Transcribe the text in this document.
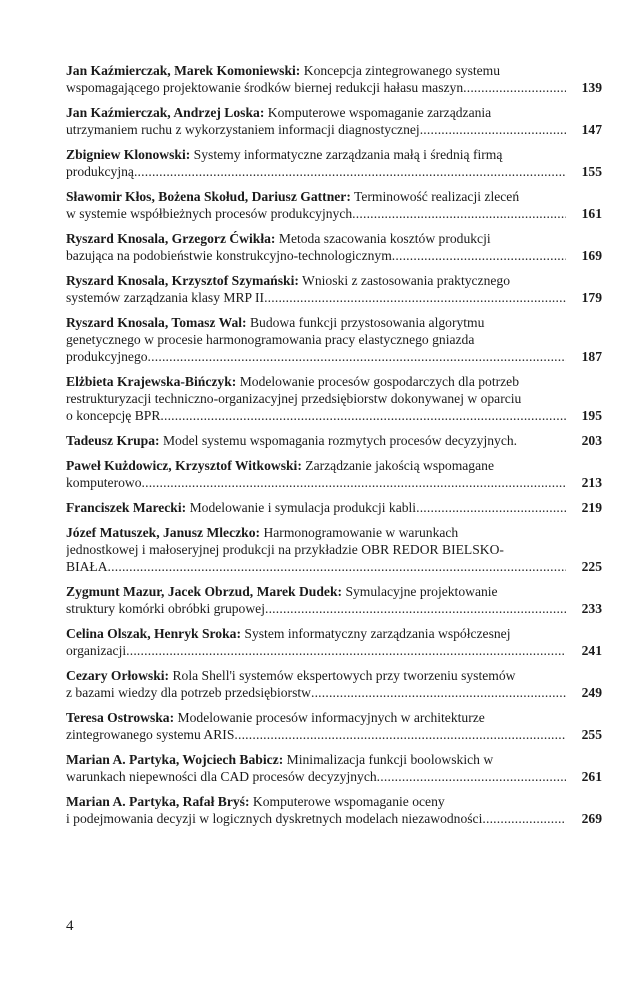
Jan Kaźmierczak, Marek Komoniewski: Koncepcja zintegrowanego systemu
wspomagającego projektowanie środków biernej redukcji hałasu maszyn .....	139
Jan Kaźmierczak, Andrzej Loska: Komputerowe wspomaganie zarządzania
utrzymaniem ruchu z wykorzystaniem informacji diagnostycznej .....	147
Zbigniew Klonowski: Systemy informatyczne zarządzania małą i średnią firmą
produkcyjną .....	155
Sławomir Kłos, Bożena Skołud, Dariusz Gattner: Terminowość realizacji zleceń
w systemie współbieżnych procesów produkcyjnych .....	161
Ryszard Knosala, Grzegorz Ćwikła: Metoda szacowania kosztów produkcji
bazująca na podobieństwie konstrukcyjno-technologicznym .....	169
Ryszard Knosala, Krzysztof Szymański: Wnioski z zastosowania praktycznego
systemów zarządzania klasy MRP II .....	179
Ryszard Knosala, Tomasz Wal: Budowa funkcji przystosowania algorytmu
genetycznego w procesie harmonogramowania pracy elastycznego gniazda
produkcyjnego .....	187
Elżbieta Krajewska-Bińczyk: Modelowanie procesów gospodarczych dla potrzeb
restrukturyzacji techniczno-organizacyjnej przedsiębiorstw dokonywanej w oparciu
o koncepcję BPR .....	195
Tadeusz Krupa: Model systemu wspomagania rozmytych procesów decyzyjnych.	203
Paweł Kużdowicz, Krzysztof Witkowski: Zarządzanie jakością wspomagane
komputerowo .....	213
Franciszek Marecki: Modelowanie i symulacja produkcji kabli .....	219
Józef Matuszek, Janusz Mleczko: Harmonogramowanie w warunkach
jednostkowej i małoseryjnej produkcji na przykładzie OBR REDOR BIELSKO-
BIAŁA .....	225
Zygmunt Mazur, Jacek Obrzud, Marek Dudek: Symulacyjne projektowanie
struktury komórki obróbki grupowej .....	233
Celina Olszak, Henryk Sroka: System informatyczny zarządzania współczesnej
organizacji .....	241
Cezary Orłowski: Rola Shell'i systemów ekspertowych przy tworzeniu systemów
z bazami wiedzy dla potrzeb przedsiębiorstw .....	249
Teresa Ostrowska: Modelowanie procesów informacyjnych w architekturze
zintegrowanego systemu ARIS .....	255
Marian A. Partyka, Wojciech Babicz: Minimalizacja funkcji boolowskich w
warunkach niepewności dla CAD procesów decyzyjnych .....	261
Marian A. Partyka, Rafał Bryś: Komputerowe wspomaganie oceny
i podejmowania decyzji w logicznych dyskretnych modelach niezawodności .....	269
4
